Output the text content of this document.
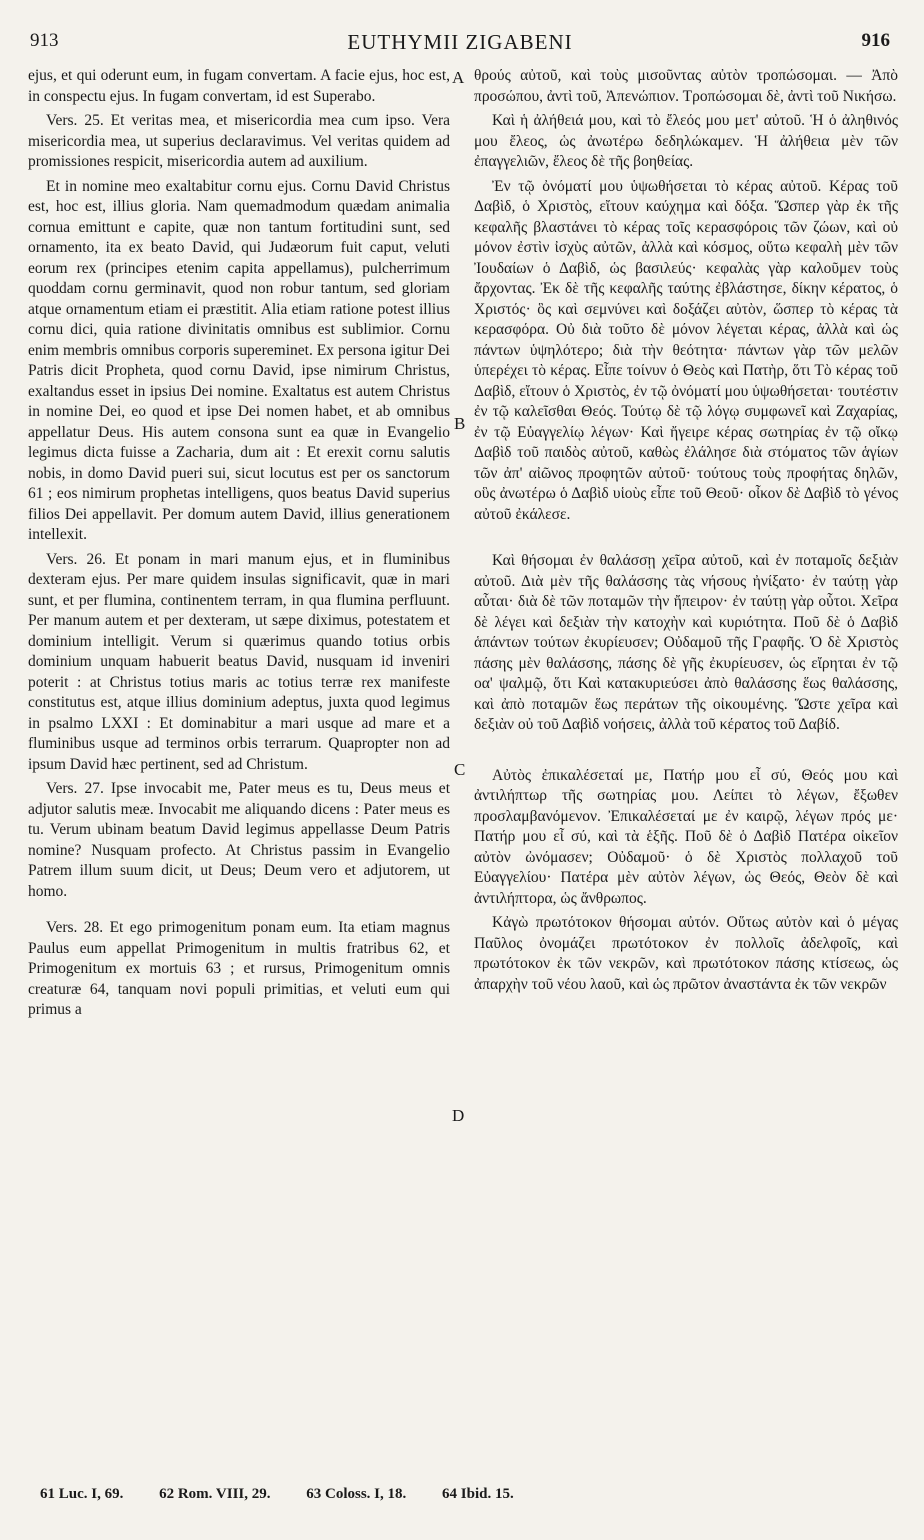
913	EUTHYMII ZIGABENI	916

ejus, et qui oderunt eum, in fugam convertam. A facie ejus, hoc est, in conspectu ejus. In fugam convertam, id est Superabo.

Vers. 25. Et veritas mea, et misericordia mea cum ipso. Vera misericordia mea, ut superius declaravimus. Vel veritas quidem ad promissiones respicit, misericordia autem ad auxilium.

Et in nomine meo exaltabitur cornu ejus. Cornu David Christus est, hoc est, illius gloria. Nam quemadmodum quædam animalia cornua emittunt e capite, quæ non tantum fortitudini sunt, sed ornamento, ita ex beato David, qui Judæorum fuit caput, veluti eorum rex (principes etenim capita appellamus), pulcherrimum quoddam cornu germinavit, quod non robur tantum, sed gloriam atque ornamentum etiam ei præstitit. Alia etiam ratione potest illius cornu dici, quia ratione divinitatis omnibus est sublimior. Cornu enim membris omnibus corporis supereminet. Ex persona igitur Dei Patris dicit Propheta, quod cornu David, ipse nimirum Christus, exaltandus esset in ipsius Dei nomine. Exaltatus est autem Christus in nomine Dei, eo quod et ipse Dei nomen habet, et ab omnibus appellatur Deus. His autem consona sunt ea quæ in Evangelio legimus dicta fuisse a Zacharia, dum ait : Et erexit cornu salutis nobis, in domo David pueri sui, sicut locutus est per os sanctorum 61 ; eos nimirum prophetas intelligens, quos beatus David superius filios Dei appellavit. Per domum autem David, illius generationem intellexit.

Vers. 26. Et ponam in mari manum ejus, et in fluminibus dexteram ejus. Per mare quidem insulas significavit, quæ in mari sunt, et per flumina, continentem terram, in qua flumina perfluunt. Per manum autem et per dexteram, ut sæpe diximus, potestatem et dominium intelligit. Verum si quærimus quando totius orbis dominium unquam habuerit beatus David, nusquam id inveniri poterit : at Christus totius maris ac totius terræ rex manifeste constitutus est, atque illius dominium adeptus, juxta quod legimus in psalmo LXXI : Et dominabitur a mari usque ad mare et a fluminibus usque ad terminos orbis terrarum. Quapropter non ad ipsum David hæc pertinent, sed ad Christum.

Vers. 27. Ipse invocabit me, Pater meus es tu, Deus meus et adjutor salutis meæ. Invocabit me aliquando dicens : Pater meus es tu. Verum ubinam beatum David legimus appellasse Deum Patris nomine? Nusquam profecto. At Christus passim in Evangelio Patrem illum suum dicit, ut Deus; Deum vero et adjutorem, ut homo.

Vers. 28. Et ego primogenitum ponam eum. Ita etiam magnus Paulus eum appellat Primogenitum in multis fratribus 62, et Primogenitum ex mortuis 63 ; et rursus, Primogenitum omnis creaturæ 64, tanquam novi populi primitias, et veluti eum qui primus a

θρούς αὐτοῦ, καὶ τοὺς μισοῦντας αὐτὸν τροπώσομαι. — Ἀπὸ προσώπου, ἀντὶ τοῦ, Ἀπενώπιον. Τροπώσομαι δὲ, ἀντὶ τοῦ Νικήσω.

Καὶ ἡ ἀλήθειά μου, καὶ τὸ ἔλεός μου μετ' αὐτοῦ. Ἡ ὁ ἀληθινός μου ἔλεος, ὡς ἀνωτέρω δεδηλώκαμεν. Ἡ ἀλήθεια μὲν τῶν ἐπαγγελιῶν, ἔλεος δὲ τῆς βοηθείας.

Ἐν τῷ ὀνόματί μου ὑψωθήσεται τὸ κέρας αὐτοῦ. Κέρας τοῦ Δαβὶδ, ὁ Χριστὸς, εἴτουν καύχημα καὶ δόξα. Ὥσπερ γὰρ ἐκ τῆς κεφαλῆς βλαστάνει τὸ κέρας τοῖς κερασφόροις τῶν ζώων, καὶ οὐ μόνον ἐστὶν ἰσχὺς αὐτῶν, ἀλλὰ καὶ κόσμος, οὕτω κεφαλὴ μὲν τῶν Ἰουδαίων ὁ Δαβὶδ, ὡς βασιλεύς· κεφαλὰς γὰρ καλοῦμεν τοὺς ἄρχοντας. Ἐκ δὲ τῆς κεφαλῆς ταύτης ἐβλάστησε, δίκην κέρατος, ὁ Χριστός· ὃς καὶ σεμνύνει καὶ δοξάζει αὐτὸν, ὥσπερ τὸ κέρας τὰ κερασφόρα. Οὐ διὰ τοῦτο δὲ μόνον λέγεται κέρας, ἀλλὰ καὶ ὡς πάντων ὑψηλότερο; διὰ τὴν θεότητα· πάντων γὰρ τῶν μελῶν ὑπερέχει τὸ κέρας. Εἶπε τοίνυν ὁ Θεὸς καὶ Πατὴρ, ὅτι Τὸ κέρας τοῦ Δαβὶδ, εἴτουν ὁ Χριστὸς, ἐν τῷ ὀνόματί μου ὑψωθήσεται· τουτέστιν ἐν τῷ καλεῖσθαι Θεός. Τούτῳ δὲ τῷ λόγῳ συμφωνεῖ καὶ Ζαχαρίας, ἐν τῷ Εὐαγγελίῳ λέγων· Καὶ ἤγειρε κέρας σωτηρίας ἐν τῷ οἴκῳ Δαβὶδ τοῦ παιδὸς αὐτοῦ, καθὼς ἐλάλησε διὰ στόματος τῶν ἁγίων τῶν ἀπ' αἰῶνος προφητῶν αὐτοῦ· τούτους τοὺς προφήτας δηλῶν, οὓς ἀνωτέρω ὁ Δαβὶδ υἱοὺς εἶπε τοῦ Θεοῦ· οἶκον δὲ Δαβὶδ τὸ γένος αὐτοῦ ἐκάλεσε.

Καὶ θήσομαι ἐν θαλάσσῃ χεῖρα αὐτοῦ, καὶ ἐν ποταμοῖς δεξιὰν αὐτοῦ. Διὰ μὲν τῆς θαλάσσης τὰς νήσους ἠνίξατο· ἐν ταύτῃ γὰρ αὗται· διὰ δὲ τῶν ποταμῶν τὴν ἤπειρον· ἐν ταύτῃ γὰρ οὗτοι. Χεῖρα δὲ λέγει καὶ δεξιὰν τὴν κατοχὴν καὶ κυριότητα. Ποῦ δὲ ὁ Δαβὶδ ἁπάντων τούτων ἐκυρίευσεν; Οὐδαμοῦ τῆς Γραφῆς. Ὁ δὲ Χριστὸς πάσης μὲν θαλάσσης, πάσης δὲ γῆς ἐκυρίευσεν, ὡς εἴρηται ἐν τῷ οα' ψαλμῷ, ὅτι Καὶ κατακυριεύσει ἀπὸ θαλάσσης ἕως θαλάσσης, καὶ ἀπὸ ποταμῶν ἕως περάτων τῆς οἰκουμένης. Ὥστε χεῖρα καὶ δεξιὰν οὐ τοῦ Δαβὶδ νοήσεις, ἀλλὰ τοῦ κέρατος τοῦ Δαβίδ.

Αὐτὸς ἐπικαλέσεταί με, Πατήρ μου εἶ σύ, Θεός μου καὶ ἀντιλήπτωρ τῆς σωτηρίας μου. Λείπει τὸ λέγων, ἔξωθεν προσλαμβανόμενον. Ἐπικαλέσεταί με ἐν καιρῷ, λέγων πρός με· Πατήρ μου εἶ σύ, καὶ τὰ ἑξῆς. Ποῦ δὲ ὁ Δαβὶδ Πατέρα οἰκεῖον αὐτὸν ὠνόμασεν; Οὐδαμοῦ· ὁ δὲ Χριστὸς πολλαχοῦ τοῦ Εὐαγγελίου· Πατέρα μὲν αὐτὸν λέγων, ὡς Θεός, Θεὸν δὲ καὶ ἀντιλήπτορα, ὡς ἄνθρωπος.

Κἀγὼ πρωτότοκον θήσομαι αὐτόν. Οὕτως αὐτὸν καὶ ὁ μέγας Παῦλος ὀνομάζει πρωτότοκον ἐν πολλοῖς ἀδελφοῖς, καὶ πρωτότοκον ἐκ τῶν νεκρῶν, καὶ πρωτότοκον πάσης κτίσεως, ὡς ἀπαρχὴν τοῦ νέου λαοῦ, καὶ ὡς πρῶτον ἀναστάντα ἐκ τῶν νεκρῶν

A
B
C
D
61 Luc. I, 69. 62 Rom. VIII, 29. 63 Coloss. I, 18. 64 Ibid. 15.
